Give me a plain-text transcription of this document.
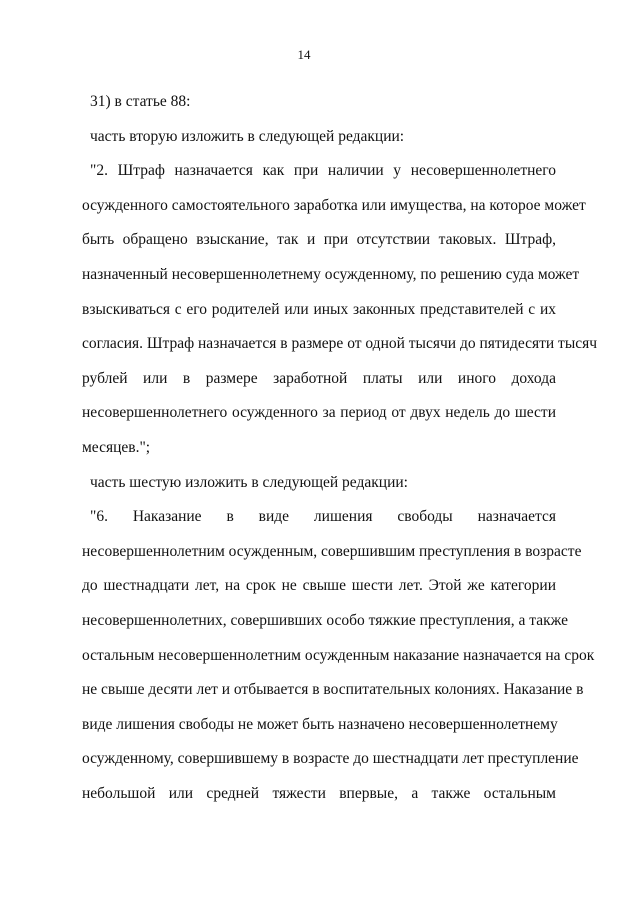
14
31) в статье 88:
часть вторую изложить в следующей редакции:
"2. Штраф назначается как при наличии у несовершеннолетнего
осужденного самостоятельного заработка или имущества, на которое может
быть обращено взыскание, так и при отсутствии таковых. Штраф,
назначенный несовершеннолетнему осужденному, по решению суда может
взыскиваться с его родителей или иных законных представителей с их
согласия. Штраф назначается в размере от одной тысячи до пятидесяти тысяч
рублей или в размере заработной платы или иного дохода
несовершеннолетнего осужденного за период от двух недель до шести
месяцев.";
часть шестую изложить в следующей редакции:
"6. Наказание в виде лишения свободы назначается
несовершеннолетним осужденным, совершившим преступления в возрасте
до шестнадцати лет, на срок не свыше шести лет. Этой же категории
несовершеннолетних, совершивших особо тяжкие преступления, а также
остальным несовершеннолетним осужденным наказание назначается на срок
не свыше десяти лет и отбывается в воспитательных колониях. Наказание в
виде лишения свободы не может быть назначено несовершеннолетнему
осужденному, совершившему в возрасте до шестнадцати лет преступление
небольшой или средней тяжести впервые, а также остальным
